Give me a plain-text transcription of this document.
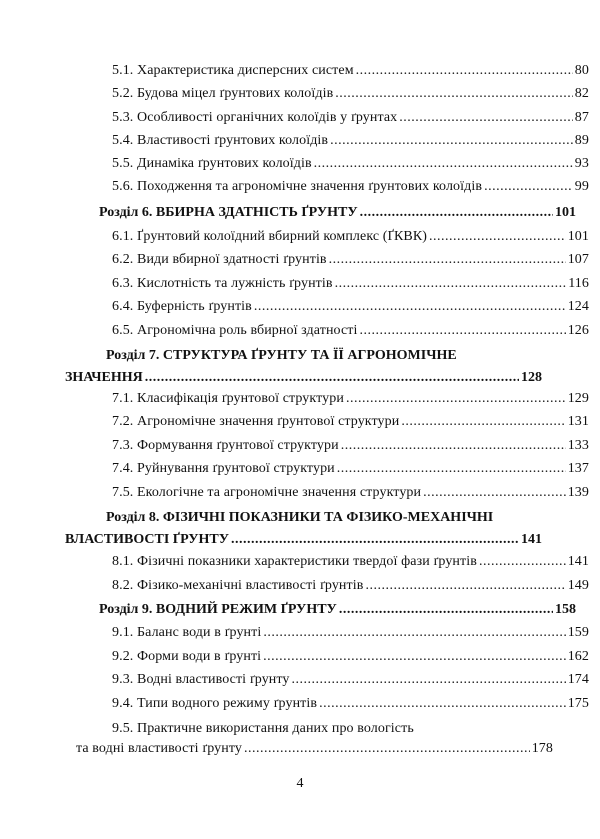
5.1. Характеристика дисперсних систем .....	80
5.2. Будова міцел ґрунтових колоїдів .....	82
5.3. Особливості органічних колоїдів у ґрунтах .....	87
5.4. Властивості ґрунтових колоїдів .....	89
5.5. Динаміка ґрунтових колоїдів .....	93
5.6. Походження та агрономічне значення ґрунтових колоїдів .....	99
Розділ 6. ВБИРНА ЗДАТНІСТЬ ҐРУНТУ .....	101
6.1. Ґрунтовий колоїдний вбирний комплекс (ҐКВК) .....	101
6.2. Види вбирної здатності ґрунтів .....	107
6.3. Кислотність та лужність ґрунтів .....	116
6.4. Буферність ґрунтів .....	124
6.5. Агрономічна роль вбирної здатності .....	126
Розділ 7. СТРУКТУРА ҐРУНТУ ТА ЇЇ АГРОНОМІЧНЕ
ЗНАЧЕННЯ .....	128
7.1. Класифікація ґрунтової структури .....	129
7.2. Агрономічне значення ґрунтової структури .....	131
7.3. Формування ґрунтової структури .....	133
7.4. Руйнування ґрунтової структури .....	137
7.5. Екологічне та агрономічне значення структури .....	139
Розділ 8. ФІЗИЧНІ ПОКАЗНИКИ ТА ФІЗИКО-МЕХАНІЧНІ
ВЛАСТИВОСТІ ҐРУНТУ .....	141
8.1. Фізичні показники характеристики твердої фази ґрунтів .....	141
8.2. Фізико-механічні властивості ґрунтів .....	149
Розділ 9. ВОДНИЙ РЕЖИМ ҐРУНТУ .....	158
9.1. Баланс води в ґрунті .....	159
9.2. Форми води в ґрунті .....	162
9.3. Водні властивості ґрунту .....	174
9.4. Типи водного режиму ґрунтів .....	175
9.5. Практичне використання даних про вологість
та водні властивості ґрунту .....	178
4
